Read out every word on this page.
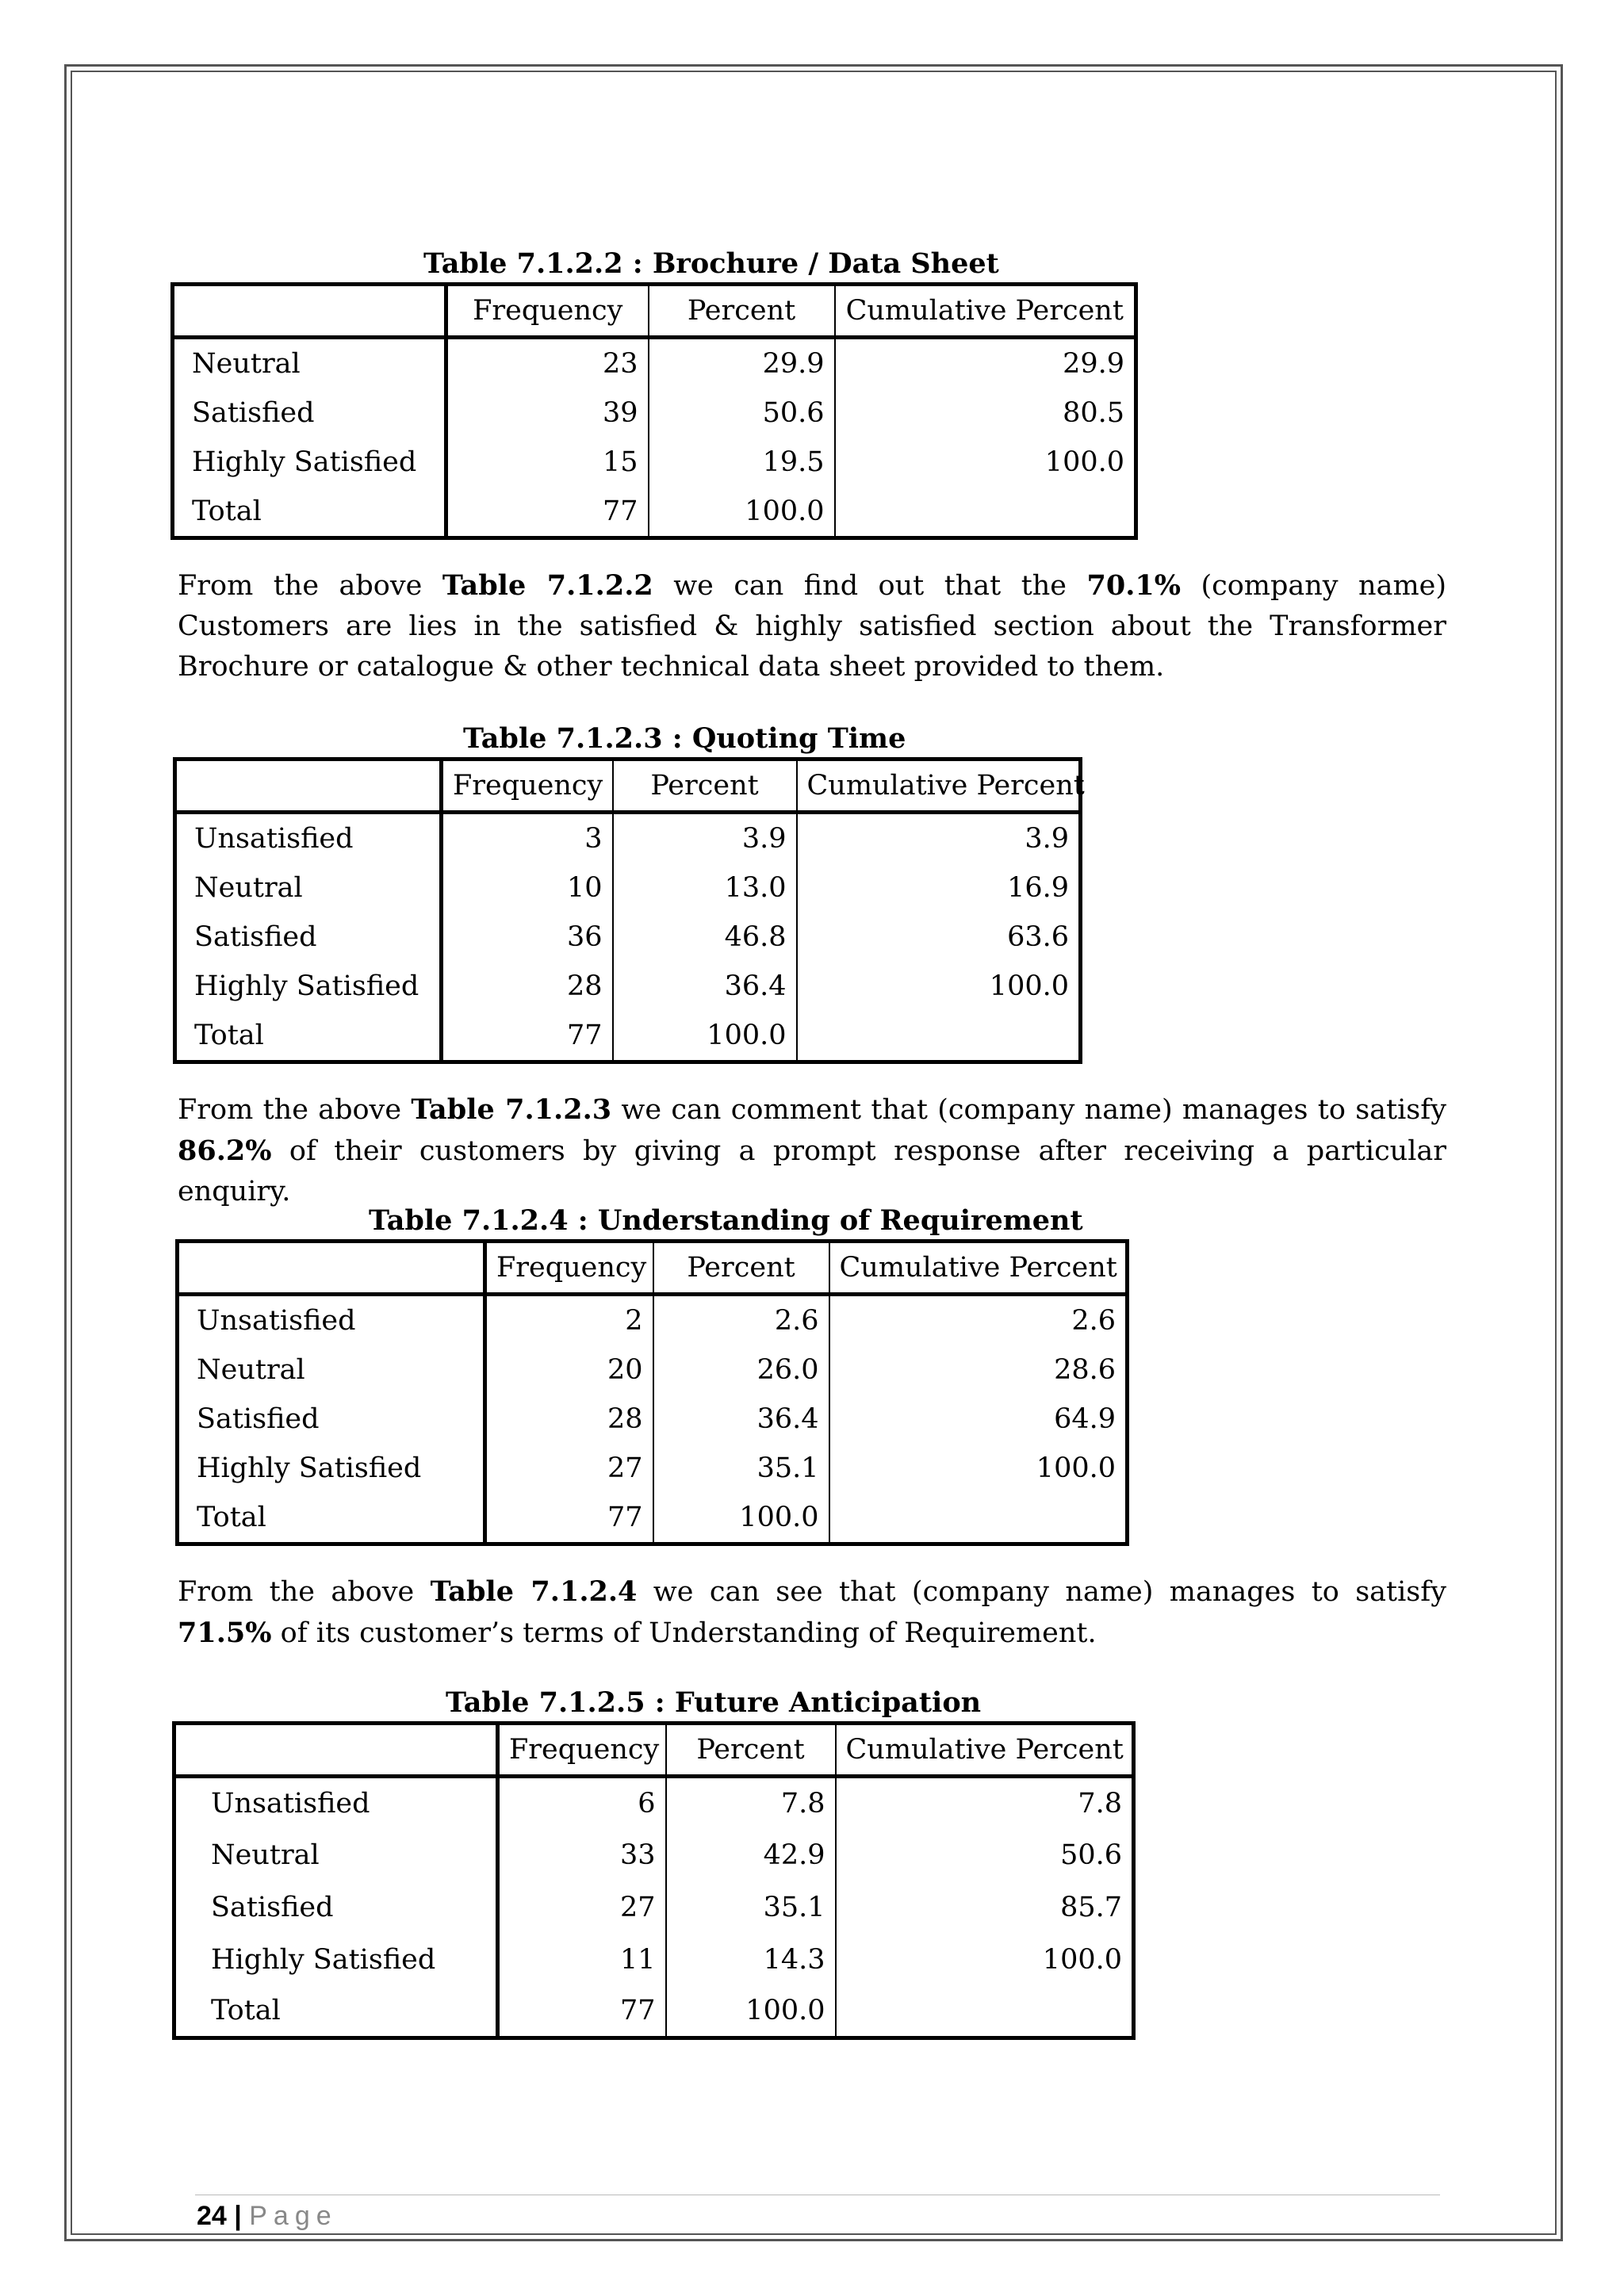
Table 7.1.2.2 : Brochure / Data Sheet
	Frequency	Percent	Cumulative Percent
Neutral	23	29.9	29.9
Satisfied	39	50.6	80.5
Highly Satisfied	15	19.5	100.0
Total	77	100.0	

From the above Table 7.1.2.2 we can find out that the 70.1% (company name) Customers are lies in the satisfied & highly satisfied section about the Transformer Brochure or catalogue & other technical data sheet provided to them.

Table 7.1.2.3 : Quoting Time
	Frequency	Percent	Cumulative Percent
Unsatisfied	3	3.9	3.9
Neutral	10	13.0	16.9
Satisfied	36	46.8	63.6
Highly Satisfied	28	36.4	100.0
Total	77	100.0	

From the above Table 7.1.2.3 we can comment that (company name) manages to satisfy 86.2% of their customers by giving a prompt response after receiving a particular enquiry.

Table 7.1.2.4 : Understanding of Requirement
	Frequency	Percent	Cumulative Percent
Unsatisfied	2	2.6	2.6
Neutral	20	26.0	28.6
Satisfied	28	36.4	64.9
Highly Satisfied	27	35.1	100.0
Total	77	100.0	

From the above Table 7.1.2.4 we can see that (company name) manages to satisfy 71.5% of its customer’s terms of Understanding of Requirement.

Table 7.1.2.5 : Future Anticipation
	Frequency	Percent	Cumulative Percent
Unsatisfied	6	7.8	7.8
Neutral	33	42.9	50.6
Satisfied	27	35.1	85.7
Highly Satisfied	11	14.3	100.0
Total	77	100.0	
24 | Page
